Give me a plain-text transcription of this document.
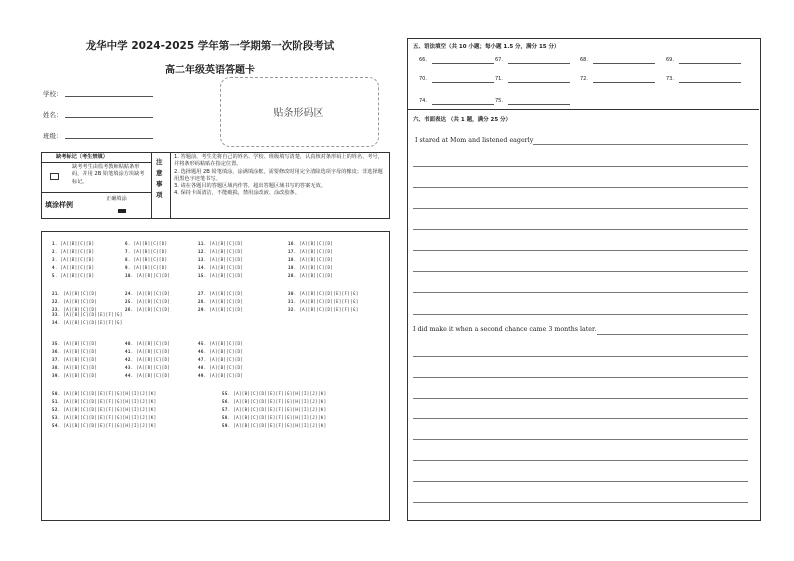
龙华中学 2024-2025 学年第一学期第一次阶段考试
高二年级英语答题卡
学校：
姓名：
班级：
贴条形码区
缺考标记（考生禁填）
缺考考生由监考教师粘贴条形码，并用 2B 铅笔填涂方块缺考标记。
填涂样例
正确填涂
注意事项
1. 答题前，考生先将自己的姓名、学校、班级填写清楚，认真核对条形码上的姓名、考号，并将条形码粘贴在指定位置。
2. 选择题用 2B 铅笔填涂，涂满填涂框，需要修改时用完全清除选项字母的橡皮；非选择题用黑色字迹笔书写。
3. 请在各题目的答题区域内作答，超出答题区域书写的答案无效。
4. 保持卡面清洁，不能破损，禁用涂改液、涂改胶条。
1. [A][B][C][D]
2. [A][B][C][D]
3. [A][B][C][D]
4. [A][B][C][D]
5. [A][B][C][D]
6. [A][B][C][D]
7. [A][B][C][D]
8. [A][B][C][D]
9. [A][B][C][D]
10. [A][B][C][D]
11. [A][B][C][D]
12. [A][B][C][D]
13. [A][B][C][D]
14. [A][B][C][D]
15. [A][B][C][D]
16. [A][B][C][D]
17. [A][B][C][D]
18. [A][B][C][D]
19. [A][B][C][D]
20. [A][B][C][D]
21. [A][B][C][D]
22. [A][B][C][D]
23. [A][B][C][D]
24. [A][B][C][D]
25. [A][B][C][D]
26. [A][B][C][D]
27. [A][B][C][D]
28. [A][B][C][D]
29. [A][B][C][D]
30. [A][B][C][D][E][F][G]
31. [A][B][C][D][E][F][G]
32. [A][B][C][D][E][F][G]
33. [A][B][C][D][E][F][G]
34. [A][B][C][D][E][F][G]
35. [A][B][C][D]
36. [A][B][C][D]
37. [A][B][C][D]
38. [A][B][C][D]
39. [A][B][C][D]
40. [A][B][C][D]
41. [A][B][C][D]
42. [A][B][C][D]
43. [A][B][C][D]
44. [A][B][C][D]
45. [A][B][C][D]
46. [A][B][C][D]
47. [A][B][C][D]
48. [A][B][C][D]
49. [A][B][C][D]
50. [A][B][C][D][E][F][G][H][I][J][K]
51. [A][B][C][D][E][F][G][H][I][J][K]
52. [A][B][C][D][E][F][G][H][I][J][K]
53. [A][B][C][D][E][F][G][H][I][J][K]
54. [A][B][C][D][E][F][G][H][I][J][K]
55. [A][B][C][D][E][F][G][H][I][J][K]
56. [A][B][C][D][E][F][G][H][I][J][K]
57. [A][B][C][D][E][F][G][H][I][J][K]
58. [A][B][C][D][E][F][G][H][I][J][K]
59. [A][B][C][D][E][F][G][H][I][J][K]
五、语法填空（共 10 小题；每小题 1.5 分，满分 15 分）
66.	67.	68.	69.
70.	71.	72.	73.
74.	75.
六、书面表达 （共 1 题，满分 25 分）
I stared at Mom and listened eagerly
I did make it when a second chance came 3 months later.
